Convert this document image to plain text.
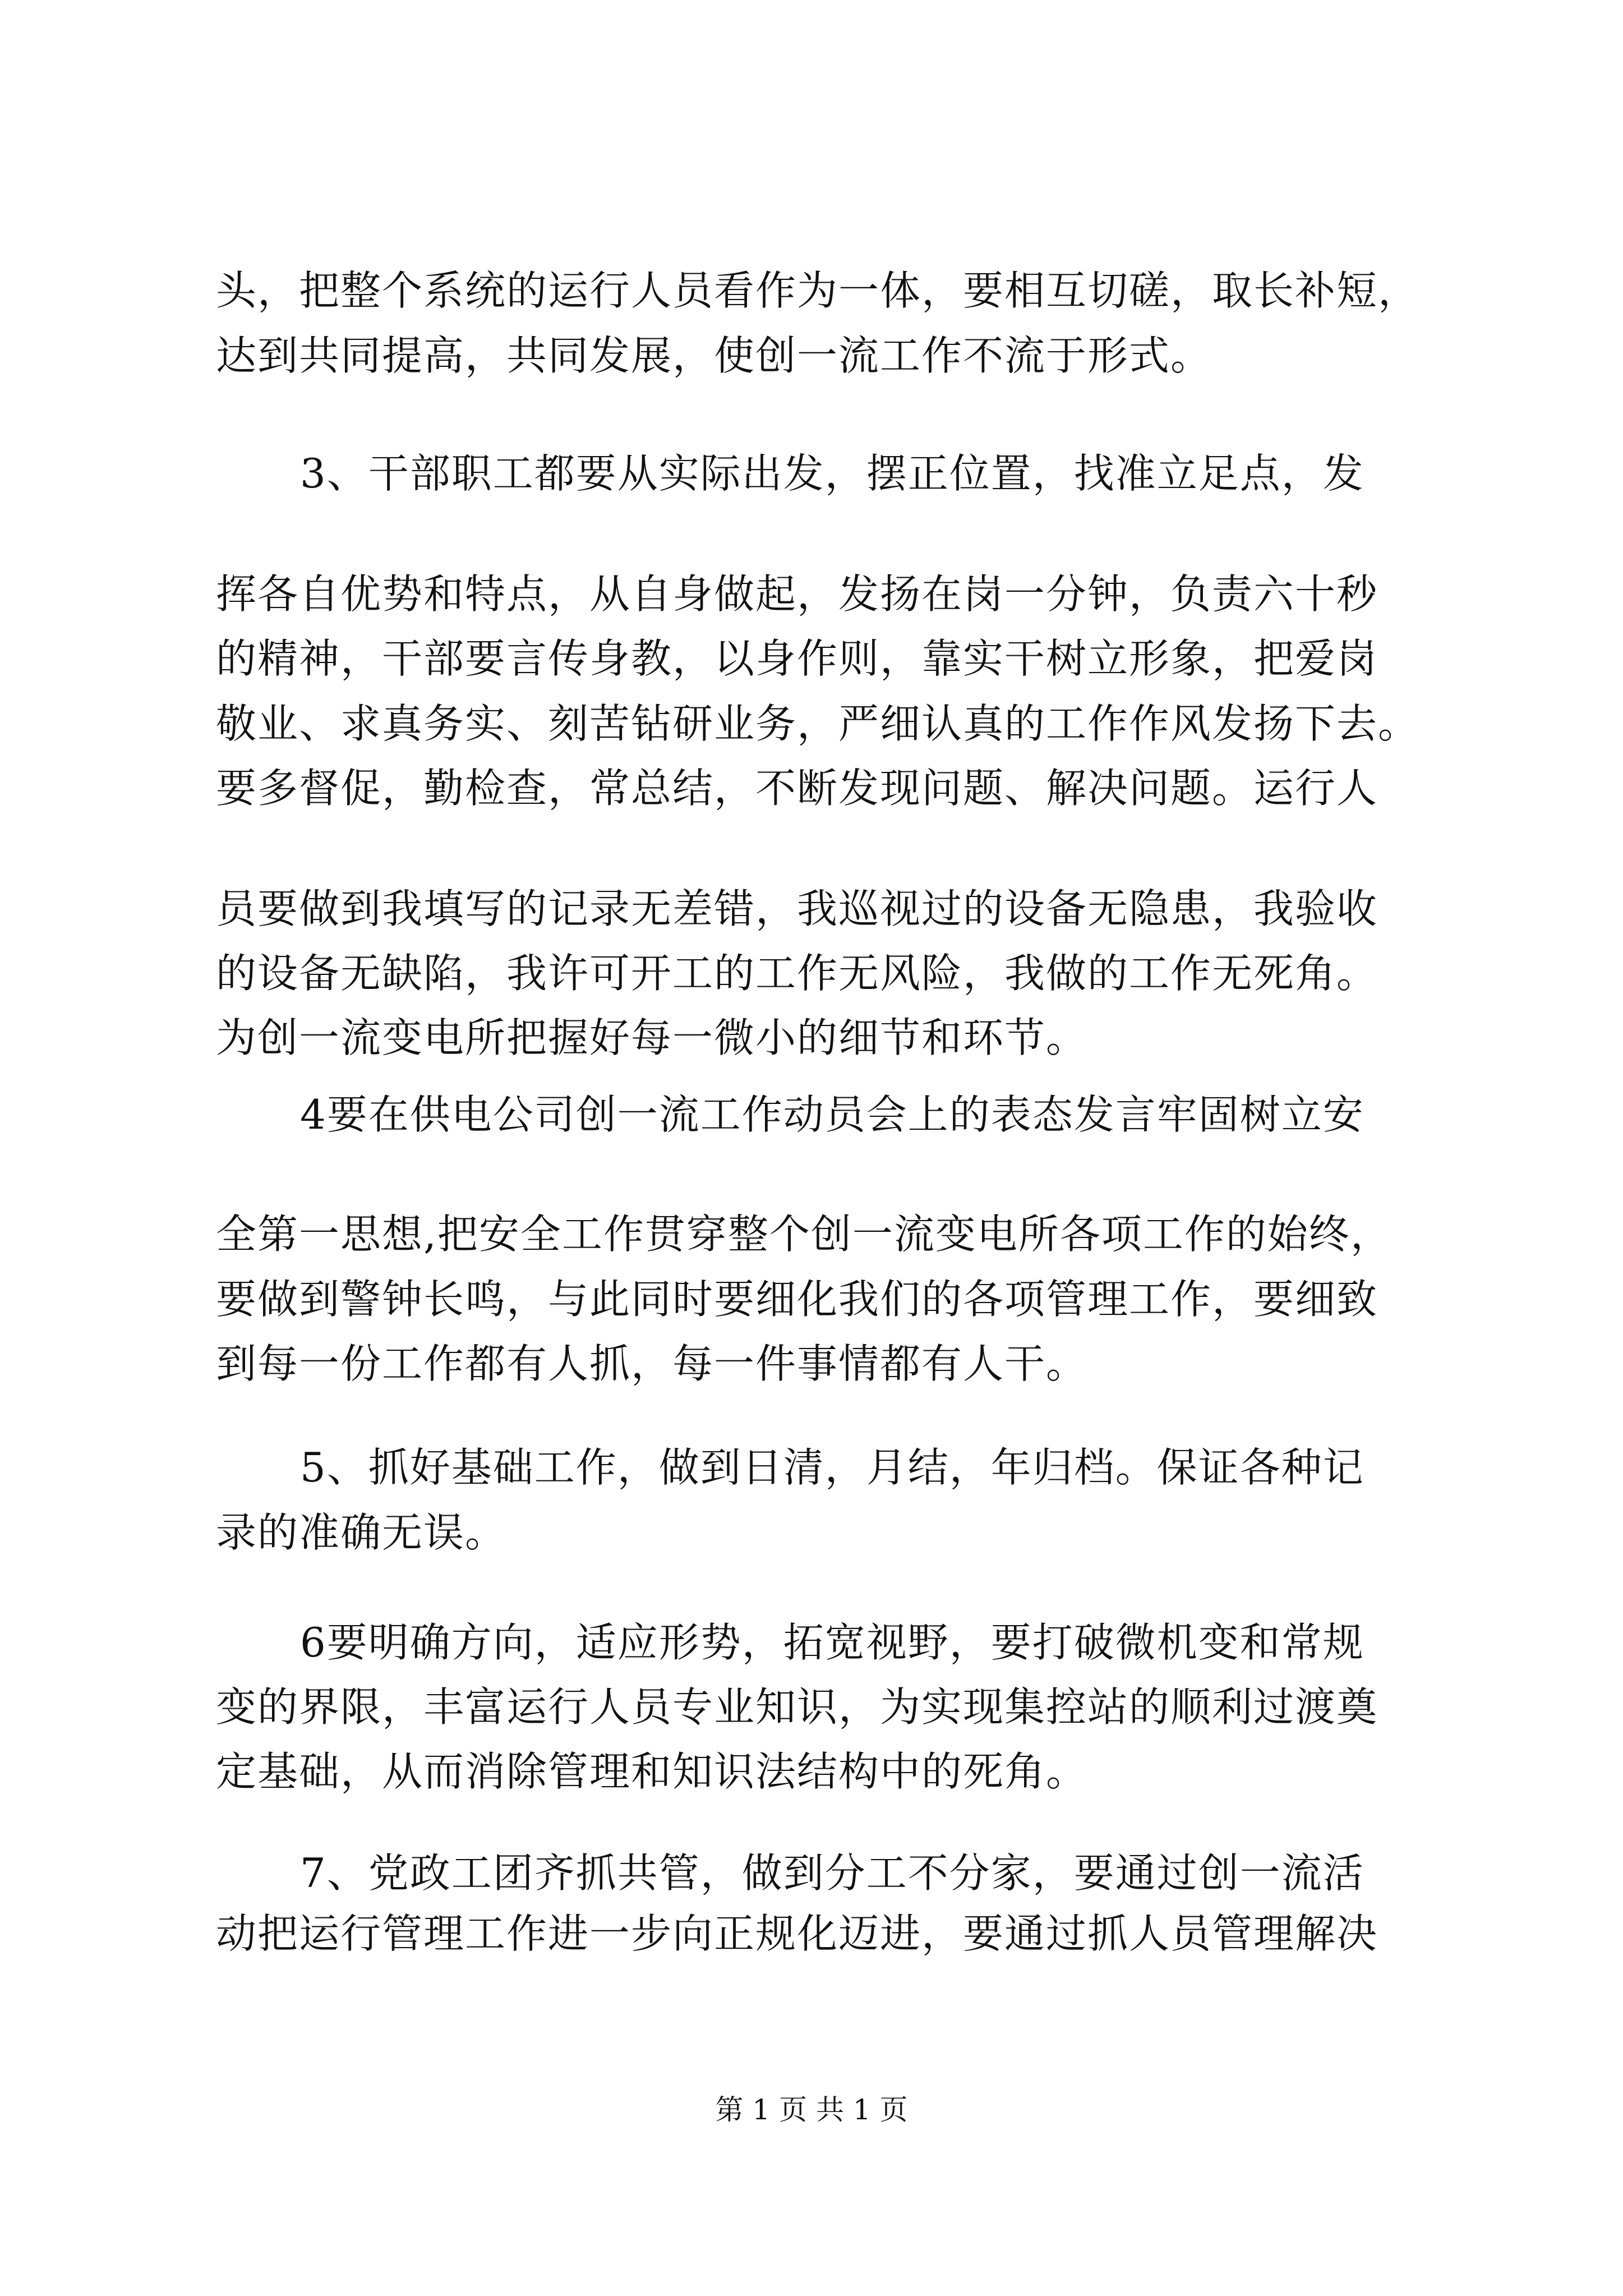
头，把整个系统的运行人员看作为一体，要相互切磋，取长补短，
达到共同提高，共同发展，使创一流工作不流于形式。
3、干部职工都要从实际出发，摆正位置，找准立足点，发
挥各自优势和特点，从自身做起，发扬在岗一分钟，负责六十秒
的精神，干部要言传身教，以身作则，靠实干树立形象，把爱岗
敬业、求真务实、刻苦钻研业务，严细认真的工作作风发扬下去。
要多督促，勤检查，常总结，不断发现问题、解决问题。运行人
员要做到我填写的记录无差错，我巡视过的设备无隐患，我验收
的设备无缺陷，我许可开工的工作无风险，我做的工作无死角。
为创一流变电所把握好每一微小的细节和环节。
4要在供电公司创一流工作动员会上的表态发言牢固树立安
全第一思想,把安全工作贯穿整个创一流变电所各项工作的始终，
要做到警钟长鸣，与此同时要细化我们的各项管理工作，要细致
到每一份工作都有人抓，每一件事情都有人干。
5、抓好基础工作，做到日清，月结，年归档。保证各种记
录的准确无误。
6要明确方向，适应形势，拓宽视野，要打破微机变和常规
变的界限，丰富运行人员专业知识，为实现集控站的顺利过渡奠
定基础，从而消除管理和知识法结构中的死角。
7、党政工团齐抓共管，做到分工不分家，要通过创一流活
动把运行管理工作进一步向正规化迈进，要通过抓人员管理解决
第 1 页 共 1 页
